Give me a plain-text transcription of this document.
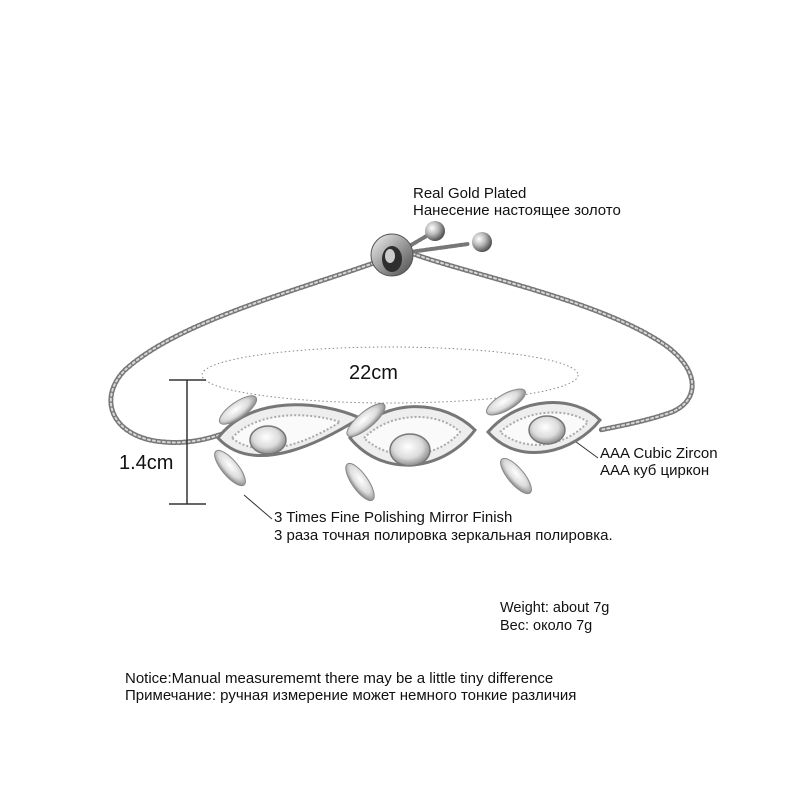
Real Gold Plated
Нанесение настоящее золото
22cm
1.4cm	AAA Cubic Zircon
AAA куб циркон
3 Times Fine Polishing Mirror Finish
3 раза точная полировка зеркальная полировка.
Weight: about 7g
Вес: около 7g
Notice:Manual measurememt there may be a little tiny difference
Примечание: ручная измерение может немного тонкие различия
